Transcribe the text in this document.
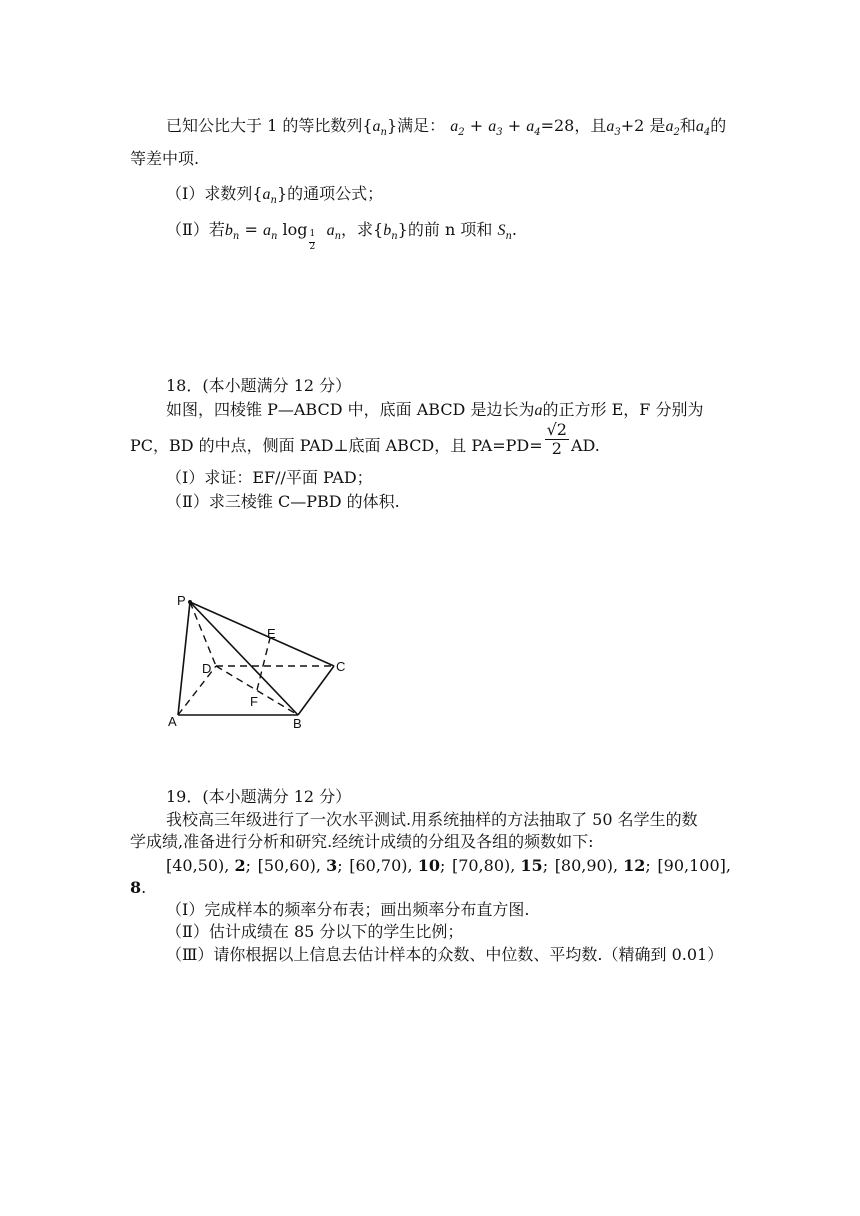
已知公比大于 1 的等比数列$\{a_n\}$满足： $a_2 + a_3 + a_4=28$，且$a_3+2$ 是$a_2$和$a_4$的
等差中项.
（Ⅰ）求数列$\{a_n\}$的通项公式；
（Ⅱ）若$b_n = a_n$ $\log \frac{1}{2} a_n$，求$\{b_n\}$的前 n 项和 $S_n$.
18．(本小题满分 12 分）
如图，四棱锥 P—ABCD 中，底面 ABCD 是边长为a的正方形 E，F 分别为
PC，BD 的中点，侧面 PAD⊥底面 ABCD，且 $PA=PD= \frac{√2}{2}$ AD.
（Ⅰ）求证：EF//平面 PAD；
（Ⅱ）求三棱锥 C—PBD 的体积.
P
E
D	C
F
A	B
19．(本小题满分 12 分）
我校高三年级进行了一次水平测试.用系统抽样的方法抽取了 50 名学生的数
学成绩,准备进行分析和研究.经统计成绩的分组及各组的频数如下:
[40,50), 2; [50,60), 3; [60,70), 10; [70,80), 15; [80,90), 12; [90,100],
8.
（Ⅰ）完成样本的频率分布表；画出频率分布直方图.
（Ⅱ）估计成绩在 85 分以下的学生比例；
（Ⅲ）请你根据以上信息去估计样本的众数、中位数、平均数.（精确到 0.01）
